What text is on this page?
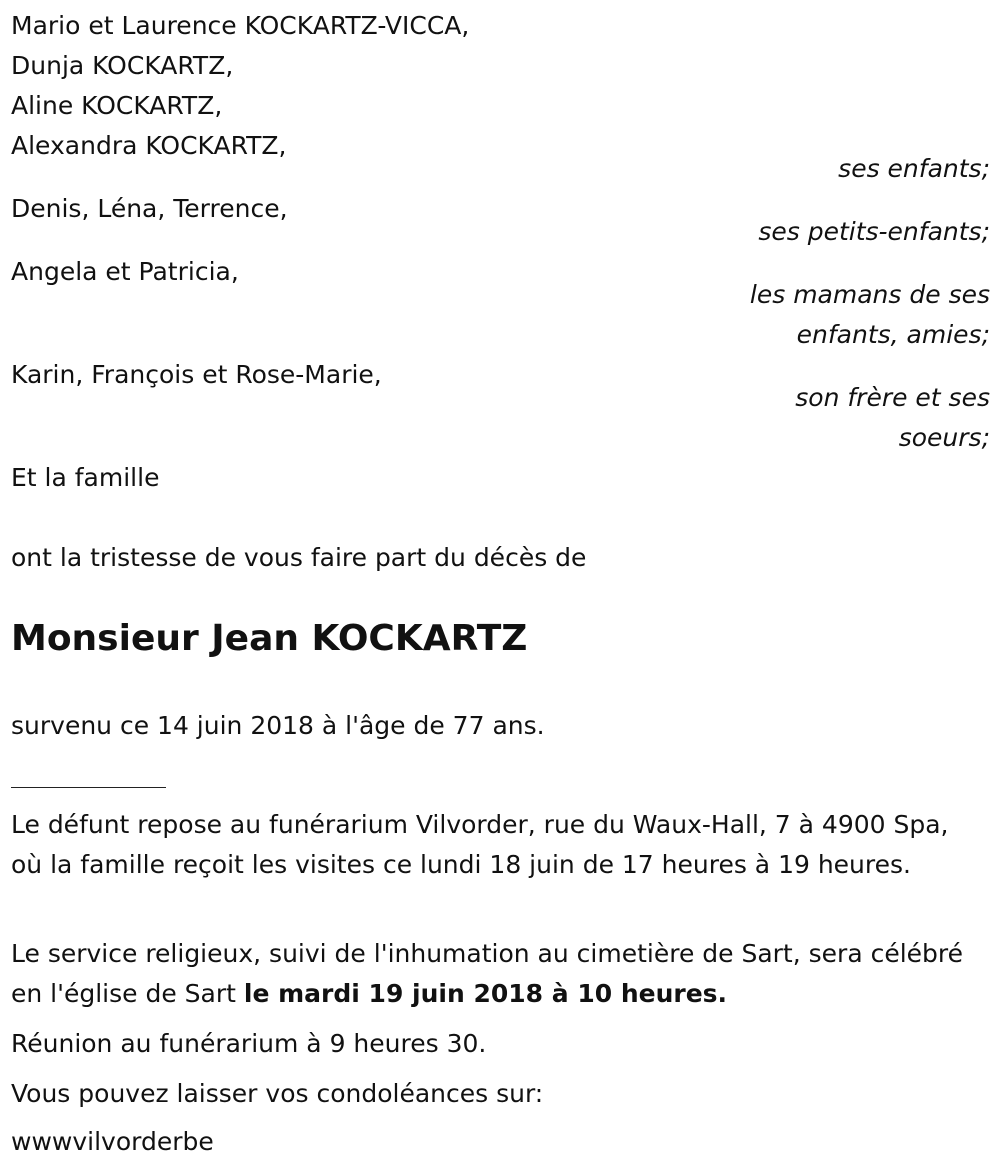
Mario et Laurence KOCKARTZ-VICCA,
Dunja KOCKARTZ,
Aline KOCKARTZ,
Alexandra KOCKARTZ,
ses enfants;
Denis, Léna, Terrence,
ses petits-enfants;
Angela et Patricia,
les mamans de ses
enfants, amies;
Karin, François et Rose-Marie,
son frère et ses
soeurs;
Et la famille
ont la tristesse de vous faire part du décès de
Monsieur Jean KOCKARTZ
survenu ce 14 juin 2018 à l'âge de 77 ans.
Le défunt repose au funérarium Vilvorder, rue du Waux-Hall, 7 à 4900 Spa, où la famille reçoit les visites ce lundi 18 juin de 17 heures à 19 heures.
Le service religieux, suivi de l'inhumation au cimetière de Sart, sera célébré en l'église de Sart le mardi 19 juin 2018 à 10 heures.
Réunion au funérarium à 9 heures 30.
Vous pouvez laisser vos condoléances sur:
wwwvilvorderbe
